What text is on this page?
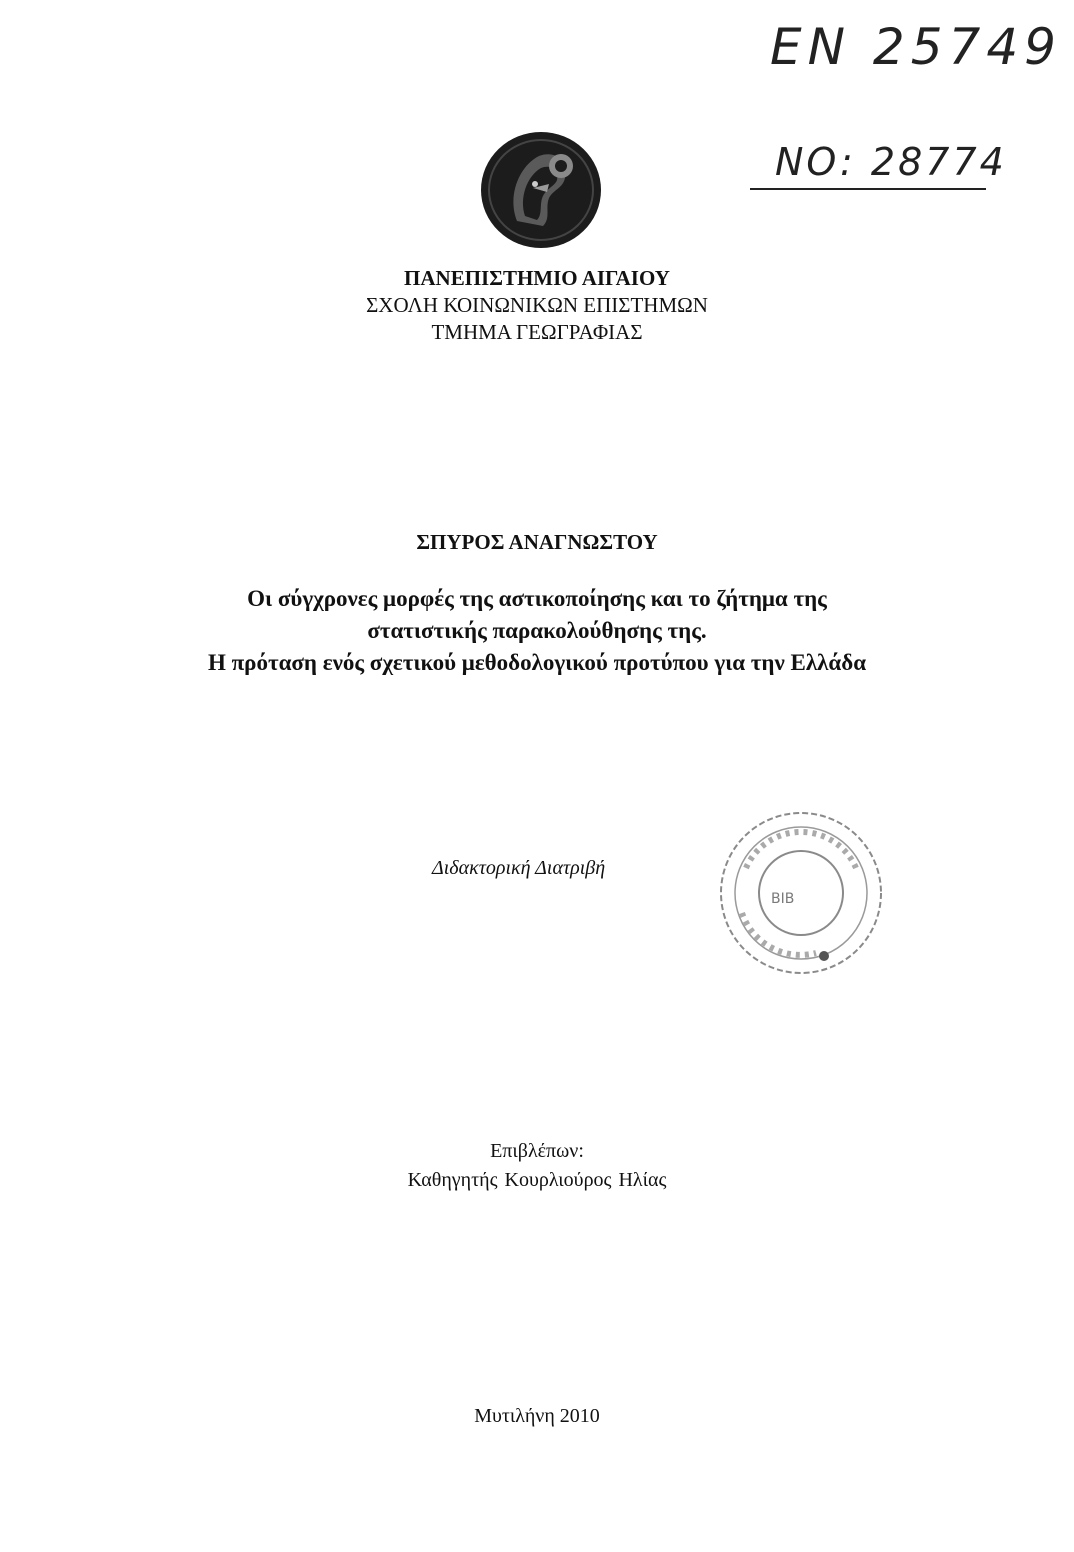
EN 25749
NO: 28774
ΠΑΝΕΠΙΣΤΗΜΙΟ ΑΙΓΑΙΟΥ
ΣΧΟΛΗ ΚΟΙΝΩΝΙΚΩΝ ΕΠΙΣΤΗΜΩΝ
ΤΜΗΜΑ ΓΕΩΓΡΑΦΙΑΣ
ΣΠΥΡΟΣ ΑΝΑΓΝΩΣΤΟΥ
Οι σύγχρονες μορφές της αστικοποίησης και το ζήτημα της
στατιστικής παρακολούθησης της.
Η πρόταση ενός σχετικού μεθοδολογικού προτύπου για την Ελλάδα
Διδακτορική Διατριβή
BIB
Επιβλέπων:
Καθηγητής Κουρλιούρος Ηλίας
Μυτιλήνη 2010
